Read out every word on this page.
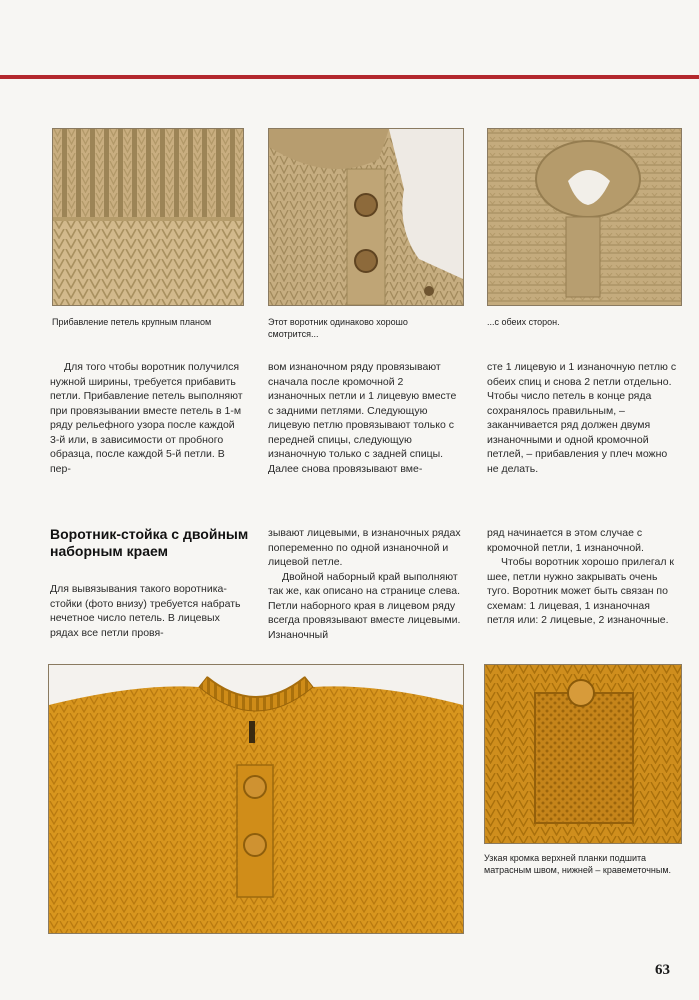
Прибавление петель крупным планом	Этот воротник одинаково хорошо смотрится...
...с обеих сторон.

Для того чтобы воротник получился нужной ширины, требуется прибавить петли. Прибавление петель выполняют при провязывании вместе петель в 1-м ряду рельефного узора после каждой 3-й или, в зависимости от пробного образца, после каждой 5-й петли. В пер-

вом изнаночном ряду провязывают сначала после кромочной 2 изнаночных петли и 1 лицевую вместе с задними петлями. Следующую лицевую петлю провязывают только с передней спицы, следующую изнаночную только с задней спицы. Далее снова провязывают вме-

сте 1 лицевую и 1 изнаночную петлю с обеих спиц и снова 2 петли отдельно. Чтобы число петель в конце ряда сохранялось правильным, – заканчивается ряд должен двумя изнаночными и одной кромочной петлей, – прибавления у плеч можно не делать.

Воротник-стойка с двойным наборным краем

Для вывязывания такого воротника-стойки (фото внизу) требуется набрать нечетное число петель. В лицевых рядах все петли провя-

зывают лицевыми, в изнаночных рядах попеременно по одной изнаночной и лицевой петле.

Двойной наборный край выполняют так же, как описано на странице слева. Петли наборного края в лицевом ряду всегда провязывают вместе лицевыми. Изнаночный

ряд начинается в этом случае с кромочной петли, 1 изнаночной.

Чтобы воротник хорошо прилегал к шее, петли нужно закрывать очень туго. Воротник может быть связан по схемам: 1 лицевая, 1 изнаночная петля или: 2 лицевые, 2 изнаночные.

Узкая кромка верхней планки подшита матрасным швом, нижней – кравеметочным.
63
